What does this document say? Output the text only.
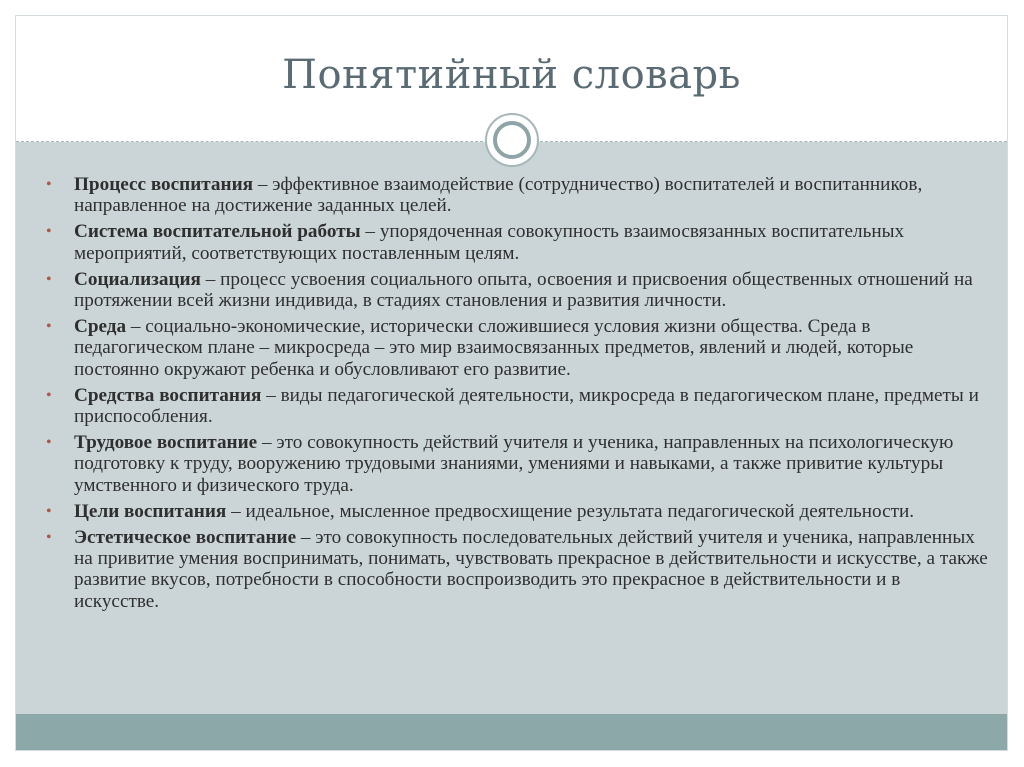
Понятийный словарь
• Процесс воспитания – эффективное взаимодействие (сотрудничество) воспитателей и воспитанников, направленное на достижение заданных целей.
• Система воспитательной работы – упорядоченная совокупность взаимосвязанных воспитательных мероприятий, соответствующих поставленным целям.
• Социализация – процесс усвоения социального опыта, освоения и присвоения общественных отношений на протяжении всей жизни индивида, в стадиях становления и развития личности.
• Среда – социально-экономические, исторически сложившиеся условия жизни общества. Среда в педагогическом плане – микросреда – это мир взаимосвязанных предметов, явлений и людей, которые постоянно окружают ребенка и обусловливают его развитие.
• Средства воспитания – виды педагогической деятельности, микросреда в педагогическом плане, предметы и приспособления.
• Трудовое воспитание – это совокупность действий учителя и ученика, направленных на психологическую подготовку к труду, вооружению трудовыми знаниями, умениями и навыками, а также привитие культуры умственного и физического труда.
• Цели воспитания – идеальное, мысленное предвосхищение результата педагогической деятельности.
• Эстетическое воспитание – это совокупность последовательных действий учителя и ученика, направленных на привитие умения воспринимать, понимать, чувствовать прекрасное в действительности и искусстве, а также развитие вкусов, потребности в способности воспроизводить это прекрасное в действительности и в искусстве.
